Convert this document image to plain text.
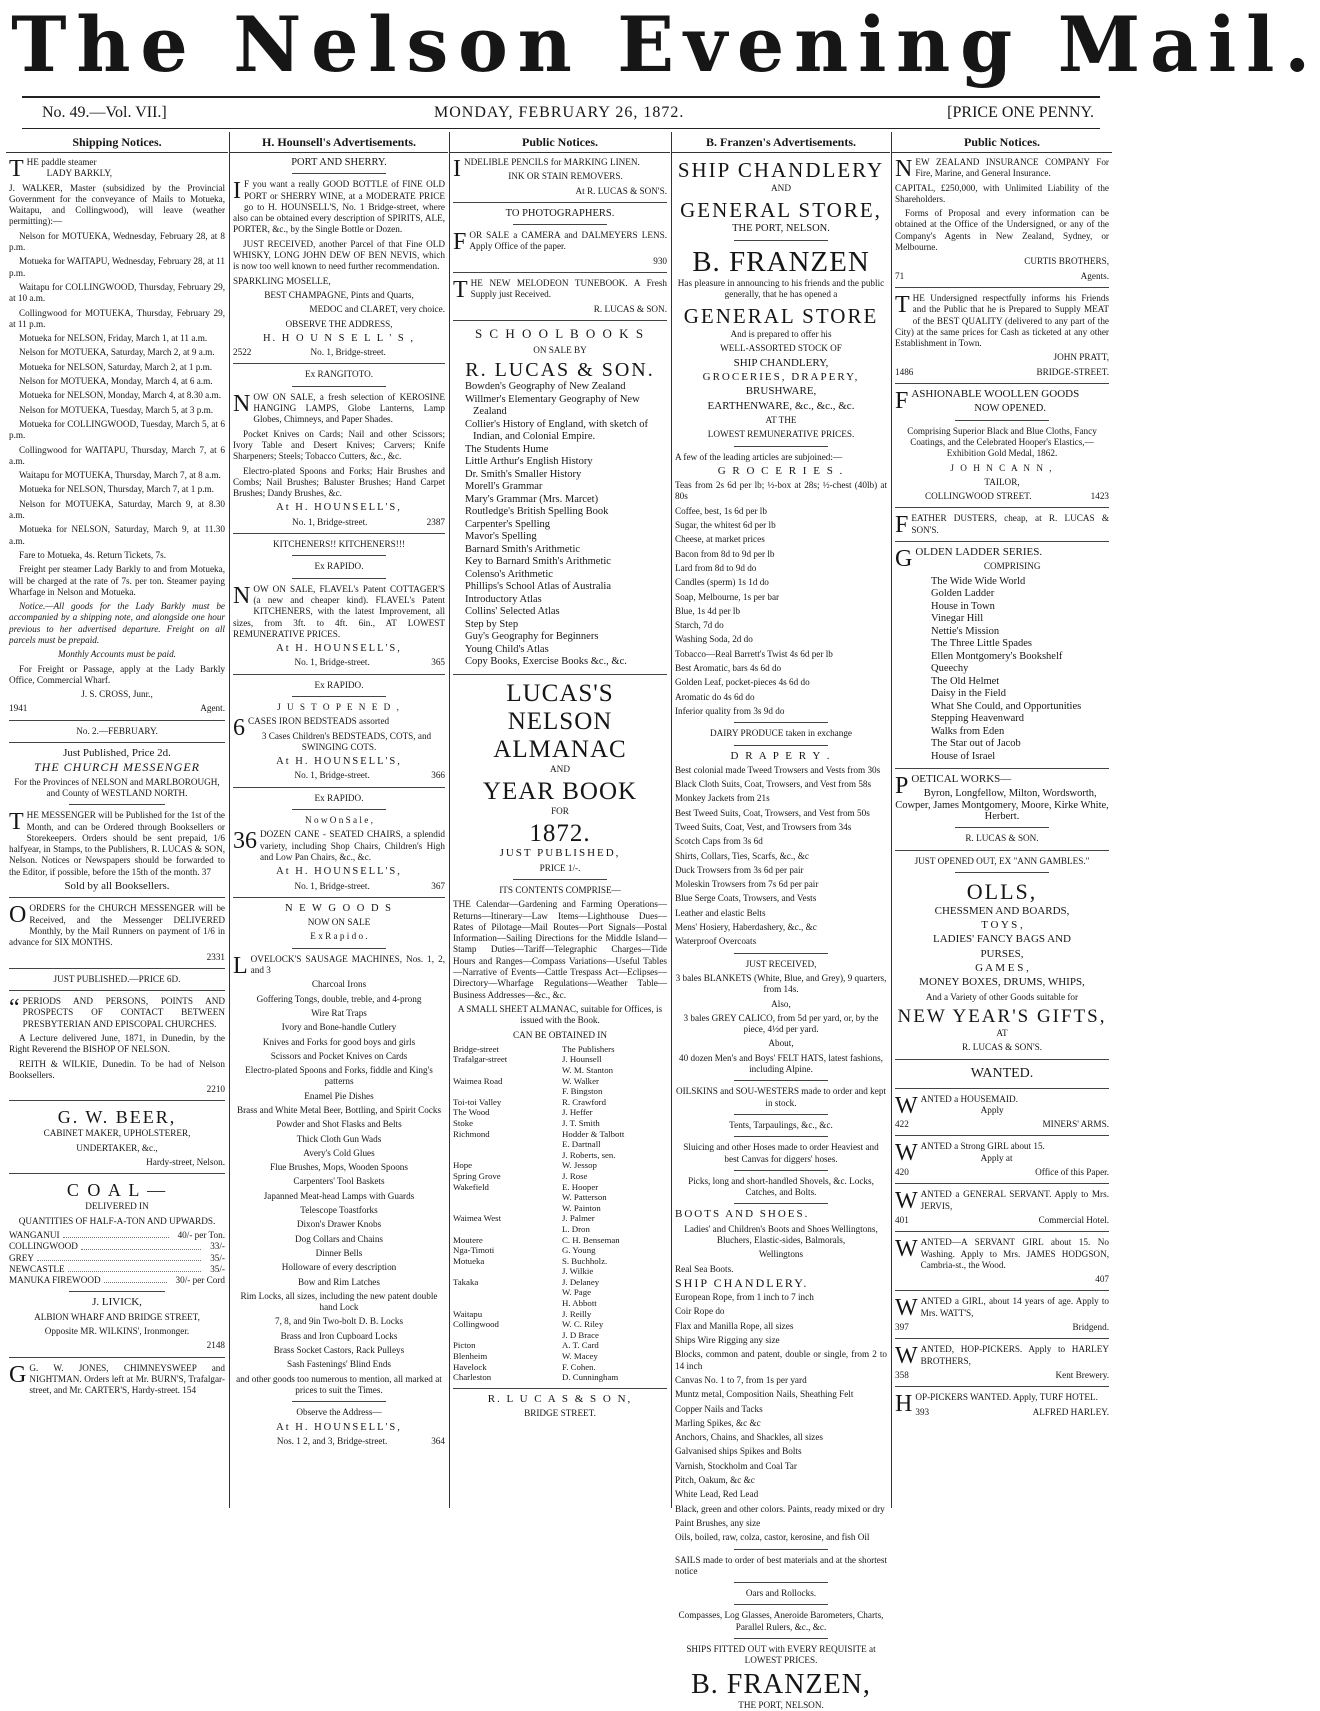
The Nelson Evening Mail.
No. 49.—Vol. VII.]	MONDAY, FEBRUARY 26, 1872.	[PRICE ONE PENNY.
Shipping Notices.
THE paddle steamer
LADY BARKLY,
J. WALKER, Master (subsidized by the Provincial Government for the conveyance of Mails to Motueka, Waitapu, and Collingwood), will leave (weather permitting):—
Nelson for MOTUEKA, Wednesday, February 28, at 8 p.m.
Motueka for WAITAPU, Wednesday, February 28, at 11 p.m.
Waitapu for COLLINGWOOD, Thursday, February 29, at 10 a.m.
Collingwood for MOTUEKA, Thursday, February 29, at 11 p.m.
Motueka for NELSON, Friday, March 1, at 11 a.m.
Nelson for MOTUEKA, Saturday, March 2, at 9 a.m.
Motueka for NELSON, Saturday, March 2, at 1 p.m.
Nelson for MOTUEKA, Monday, March 4, at 6 a.m.
Motueka for NELSON, Monday, March 4, at 8.30 a.m.
Nelson for MOTUEKA, Tuesday, March 5, at 3 p.m.
Motueka for COLLINGWOOD, Tuesday, March 5, at 6 p.m.
Collingwood for WAITAPU, Thursday, March 7, at 6 a.m.
Waitapu for MOTUEKA, Thursday, March 7, at 8 a.m.
Motueka for NELSON, Thursday, March 7, at 1 p.m.
Nelson for MOTUEKA, Saturday, March 9, at 8.30 a.m.
Motueka for NELSON, Saturday, March 9, at 11.30 a.m.
Fare to Motueka, 4s. Return Tickets, 7s.
Freight per steamer Lady Barkly to and from Motueka, will be charged at the rate of 7s. per ton. Steamer paying Wharfage in Nelson and Motueka.
Notice.—All goods for the Lady Barkly must be accompanied by a shipping note, and alongside one hour previous to her advertised departure. Freight on all parcels must be prepaid.
Monthly Accounts must be paid.
For Freight or Passage, apply at the Lady Barkly Office, Commercial Wharf.
J. S. CROSS, Junr.,
1941	Agent.
No. 2.—FEBRUARY.
Just Published, Price 2d.
THE CHURCH MESSENGER
For the Provinces of NELSON and MARLBOROUGH, and County of WESTLAND NORTH.
THE MESSENGER will be Published for the 1st of the Month, and can be Ordered through Booksellers or Storekeepers. Orders should be sent prepaid, 1/6 halfyear, in Stamps, to the Publishers, R. LUCAS & SON, Nelson. Notices or Newspapers should be forwarded to the Editor, if possible, before the 15th of the month. 37
Sold by all Booksellers.
OORDERS for the CHURCH MESSENGER will be Received, and the Messenger DELIVERED Monthly, by the Mail Runners on payment of 1/6 in advance for SIX MONTHS.
2331
JUST PUBLISHED.—PRICE 6D.
“ PERIODS AND PERSONS, POINTS AND PROSPECTS OF CONTACT BETWEEN PRESBYTERIAN AND EPISCOPAL CHURCHES.
A Lecture delivered June, 1871, in Dunedin, by the Right Reverend the BISHOP OF NELSON.
REITH & WILKIE, Dunedin. To be had of Nelson Booksellers.
2210
G. W. BEER,
CABINET MAKER, UPHOLSTERER,
UNDERTAKER, &c.,
Hardy-street, Nelson.
C O A L —
DELIVERED IN
QUANTITIES OF HALF-A-TON AND UPWARDS.
WANGANUI	40/- per Ton.
COLLINGWOOD	33/-
GREY	35/-
NEWCASTLE	35/-
MANUKA FIREWOOD	30/- per Cord
J. LIVICK,
ALBION WHARF AND BRIDGE STREET,
Opposite MR. WILKINS', Ironmonger.
2148
G G. W. JONES, CHIMNEYSWEEP and NIGHTMAN. Orders left at Mr. BURN'S, Trafalgar-street, and Mr. CARTER'S, Hardy-street. 154
H. Hounsell's Advertisements.
PORT AND SHERRY.
I F you want a really GOOD BOTTLE of FINE OLD PORT or SHERRY WINE, at a MODERATE PRICE go to H. HOUNSELL'S, No. 1 Bridge-street, where also can be obtained every description of SPIRITS, ALE, PORTER, &c., by the Single Bottle or Dozen.
JUST RECEIVED, another Parcel of that Fine OLD WHISKY, LONG JOHN DEW OF BEN NEVIS, which is now too well known to need further recommendation.
SPARKLING MOSELLE,
BEST CHAMPAGNE, Pints and Quarts,
MEDOC and CLARET, very choice.
OBSERVE THE ADDRESS,
H. H O U N S E L L ' S ,
2522	No. 1, Bridge-street.
Ex RANGITOTO.
NOW ON SALE, a fresh selection of KEROSINE HANGING LAMPS, Globe Lanterns, Lamp Globes, Chimneys, and Paper Shades.
Pocket Knives on Cards; Nail and other Scissors; Ivory Table and Desert Knives; Carvers; Knife Sharpeners; Steels; Tobacco Cutters, &c., &c.
Electro-plated Spoons and Forks; Hair Brushes and Combs; Nail Brushes; Baluster Brushes; Hand Carpet Brushes; Dandy Brushes, &c.
At H. HOUNSELL'S,
No. 1, Bridge-street.	2387
KITCHENERS!! KITCHENERS!!!
Ex RAPIDO.
NOW ON SALE, FLAVEL's Patent COTTAGER'S (a new and cheaper kind). FLAVEL's Patent KITCHENERS, with the latest Improvement, all sizes, from 3ft. to 4ft. 6in., AT LOWEST REMUNERATIVE PRICES.
At H. HOUNSELL'S,
No. 1, Bridge-street.	365
Ex RAPIDO.
J U S T O P E N E D ,
6 CASES IRON BEDSTEADS assorted
3 Cases Children's BEDSTEADS, COTS, and SWINGING COTS.
At H. HOUNSELL'S,
No. 1, Bridge-street.	366
Ex RAPIDO.
N o w O n S a l e ,
36 DOZEN CANE - SEATED CHAIRS, a splendid variety, including Shop Chairs, Children's High and Low Pan Chairs, &c., &c.
At H. HOUNSELL'S,
No. 1, Bridge-street.	367
N E W G O O D S
NOW ON SALE
E x R a p i d o .
LOVELOCK'S SAUSAGE MACHINES, Nos. 1, 2, and 3
Charcoal Irons
Goffering Tongs, double, treble, and 4-prong
Wire Rat Traps
Ivory and Bone-handle Cutlery
Knives and Forks for good boys and girls
Scissors and Pocket Knives on Cards
Electro-plated Spoons and Forks, fiddle and King's patterns
Enamel Pie Dishes
Brass and White Metal Beer, Bottling, and Spirit Cocks
Powder and Shot Flasks and Belts
Thick Cloth Gun Wads
Avery's Cold Glues
Flue Brushes, Mops, Wooden Spoons
Carpenters' Tool Baskets
Japanned Meat-head Lamps with Guards
Telescope Toastforks
Dixon's Drawer Knobs
Dog Collars and Chains
Dinner Bells
Holloware of every description
Bow and Rim Latches
Rim Locks, all sizes, including the new patent double hand Lock
7, 8, and 9in Two-bolt D. B. Locks
Brass and Iron Cupboard Locks
Brass Socket Castors, Rack Pulleys
Sash Fastenings' Blind Ends
and other goods too numerous to mention, all marked at prices to suit the Times.
Observe the Address—
At H. HOUNSELL'S,
Nos. 1 2, and 3, Bridge-street.	364
Public Notices.
INDELIBLE PENCILS for MARKING LINEN.
INK OR STAIN REMOVERS.
At R. LUCAS & SON'S.
TO PHOTOGRAPHERS.
FOR SALE a CAMERA and DALMEYERS LENS. Apply Office of the paper.
930
THE NEW MELODEON TUNEBOOK. A Fresh Supply just Received.
R. LUCAS & SON.
S C H O O L B O O K S
ON SALE BY
R. LUCAS & SON.
Bowden's Geography of New Zealand
Willmer's Elementary Geography of New Zealand
Collier's History of England, with sketch of Indian, and Colonial Empire.
The Students Hume
Little Arthur's English History
Dr. Smith's Smaller History
Morell's Grammar
Mary's Grammar (Mrs. Marcet)
Routledge's British Spelling Book
Carpenter's Spelling
Mavor's Spelling
Barnard Smith's Arithmetic
Key to Barnard Smith's Arithmetic
Colenso's Arithmetic
Phillips's School Atlas of Australia
Introductory Atlas
Collins' Selected Atlas
Step by Step
Guy's Geography for Beginners
Young Child's Atlas
Copy Books, Exercise Books &c., &c.
LUCAS'S
NELSON ALMANAC
AND
YEAR BOOK
FOR
1872.
JUST PUBLISHED,
PRICE 1/-.
ITS CONTENTS COMPRISE—
THE Calendar—Gardening and Farming Operations—Returns—Itinerary—Law Items—Lighthouse Dues—Rates of Pilotage—Mail Routes—Port Signals—Postal Information—Sailing Directions for the Middle Island—Stamp Duties—Tariff—Telegraphic Charges—Tide Hours and Ranges—Compass Variations—Useful Tables—Narrative of Events—Cattle Trespass Act—Eclipses—Directory—Wharfage Regulations—Weather Table—Business Addresses—&c., &c.
A SMALL SHEET ALMANAC, suitable for Offices, is issued with the Book.
CAN BE OBTAINED IN
Bridge-street	The Publishers
Trafalgar-street	J. Hounsell
W. M. Stanton
Waimea Road	W. Walker
F. Bingston
Toi-toi Valley	R. Crawford
The Wood	J. Heffer
Stoke	J. T. Smith
Richmond	Hodder & Talbott
E. Dartnall
J. Roberts, sen.
Hope	W. Jessop
Spring Grove	J. Rose
Wakefield	E. Hooper
W. Patterson
W. Painton
Waimea West	J. Palmer
L. Dron
Moutere	C. H. Benseman
Nga-Timoti	G. Young
Motueka	S. Buchholz.
J. Wilkie
Takaka	J. Delaney
W. Page
H. Abbott
Waitapu	J. Reilly
Collingwood	W. C. Riley
J. D Brace
Picton	A. T. Card
Blenheim	W. Macey
Havelock	F. Cohen.
Charleston	D. Cunningham
R. L U C A S & S O N,
BRIDGE STREET.
B. Franzen's Advertisements.
SHIP CHANDLERY
AND
GENERAL STORE,
THE PORT, NELSON.
B. FRANZEN
Has pleasure in announcing to his friends and the public generally, that he has opened a
GENERAL STORE
And is prepared to offer his
WELL-ASSORTED STOCK OF
SHIP CHANDLERY,
GROCERIES, DRAPERY,
BRUSHWARE,
EARTHENWARE, &c., &c., &c.
AT THE
LOWEST REMUNERATIVE PRICES.
A few of the leading articles are subjoined:—
G R O C E R I E S .
Teas from 2s 6d per lb; ½-box at 28s; ½-chest (40lb) at 80s
Coffee, best, 1s 6d per lb
Sugar, the whitest 6d per lb
Cheese, at market prices
Bacon from 8d to 9d per lb
Lard from 8d to 9d do
Candles (sperm) 1s 1d do
Soap, Melbourne, 1s per bar
Blue, 1s 4d per lb
Starch, 7d do
Washing Soda, 2d do
Tobacco—Real Barrett's Twist 4s 6d per lb
Best Aromatic, bars 4s 6d do
Golden Leaf, pocket-pieces 4s 6d do
Aromatic do 4s 6d do
Inferior quality from 3s 9d do
DAIRY PRODUCE taken in exchange
D R A P E R Y .
Best colonial made Tweed Trowsers and Vests from 30s
Black Cloth Suits, Coat, Trowsers, and Vest from 58s
Monkey Jackets from 21s
Best Tweed Suits, Coat, Trowsers, and Vest from 50s
Tweed Suits, Coat, Vest, and Trowsers from 34s
Scotch Caps from 3s 6d
Shirts, Collars, Ties, Scarfs, &c., &c
Duck Trowsers from 3s 6d per pair
Moleskin Trowsers from 7s 6d per pair
Blue Serge Coats, Trowsers, and Vests
Leather and elastic Belts
Mens' Hosiery, Haberdashery, &c., &c
Waterproof Overcoats
JUST RECEIVED,
3 bales BLANKETS (White, Blue, and Grey), 9 quarters, from 14s.
Also,
3 bales GREY CALICO, from 5d per yard, or, by the piece, 4½d per yard.
About,
40 dozen Men's and Boys' FELT HATS, latest fashions, including Alpine.
OILSKINS and SOU-WESTERS made to order and kept in stock.
Tents, Tarpaulings, &c., &c.
Sluicing and other Hoses made to order Heaviest and best Canvas for diggers' hoses.
Picks, long and short-handled Shovels, &c. Locks, Catches, and Bolts.
BOOTS AND SHOES.
Ladies' and Children's Boots and Shoes Wellingtons, Bluchers, Elastic-sides, Balmorals,
Wellingtons
Real Sea Boots.
SHIP CHANDLERY.
European Rope, from 1 inch to 7 inch
Coir Rope do
Flax and Manilla Rope, all sizes
Ships Wire Rigging any size
Blocks, common and patent, double or single, from 2 to 14 inch
Canvas No. 1 to 7, from 1s per yard
Muntz metal, Composition Nails, Sheathing Felt
Copper Nails and Tacks
Marling Spikes, &c &c
Anchors, Chains, and Shackles, all sizes
Galvanised ships Spikes and Bolts
Varnish, Stockholm and Coal Tar
Pitch, Oakum, &c &c
White Lead, Red Lead
Black, green and other colors. Paints, ready mixed or dry
Paint Brushes, any size
Oils, boiled, raw, colza, castor, kerosine, and fish Oil
SAILS made to order of best materials and at the shortest notice
Oars and Rollocks.
Compasses, Log Glasses, Aneroide Barometers, Charts, Parallel Rulers, &c., &c.
SHIPS FITTED OUT with EVERY REQUISITE at LOWEST PRICES.
B. FRANZEN,
THE PORT, NELSON.
Public Notices.
NEW ZEALAND INSURANCE COMPANY For Fire, Marine, and General Insurance.
CAPITAL, £250,000, with Unlimited Liability of the Shareholders.
Forms of Proposal and every information can be obtained at the Office of the Undersigned, or any of the Company's Agents in New Zealand, Sydney, or Melbourne.
CURTIS BROTHERS,
71	Agents.
THE Undersigned respectfully informs his Friends and the Public that he is Prepared to Supply MEAT of the BEST QUALITY (delivered to any part of the City) at the same prices for Cash as ticketed at any other Establishment in Town.
JOHN PRATT,
1486	BRIDGE-STREET.
FASHIONABLE WOOLLEN GOODS
NOW OPENED.
Comprising Superior Black and Blue Cloths, Fancy Coatings, and the Celebrated Hooper's Elastics,—Exhibition Gold Medal, 1862.
J O H N C A N N ,
TAILOR,
COLLINGWOOD STREET.	1423
FEATHER DUSTERS, cheap, at R. LUCAS & SON'S.
GOLDEN LADDER SERIES.
COMPRISING
The Wide Wide World
Golden Ladder
House in Town
Vinegar Hill
Nettie's Mission
The Three Little Spades
Ellen Montgomery's Bookshelf
Queechy
The Old Helmet
Daisy in the Field
What She Could, and Opportunities
Stepping Heavenward
Walks from Eden
The Star out of Jacob
House of Israel
POETICAL WORKS—
Byron, Longfellow, Milton, Wordsworth, Cowper, James Montgomery, Moore, Kirke White, Herbert.
R. LUCAS & SON.
JUST OPENED OUT, EX "ANN GAMBLES."
OLLS,
CHESSMEN AND BOARDS,
T O Y S ,
LADIES' FANCY BAGS AND
PURSES,
G A M E S ,
MONEY BOXES, DRUMS, WHIPS,
And a Variety of other Goods suitable for
NEW YEAR'S GIFTS,
AT
R. LUCAS & SON'S.
WANTED.
WANTED a HOUSEMAID.
Apply
422	MINERS' ARMS.
WANTED a Strong GIRL about 15.
Apply at
420	Office of this Paper.
WANTED a GENERAL SERVANT. Apply to Mrs. JERVIS,
401	Commercial Hotel.
WANTED—A SERVANT GIRL about 15. No Washing. Apply to Mrs. JAMES HODGSON, Cambria-st., the Wood.
407
WANTED a GIRL, about 14 years of age. Apply to Mrs. WATT'S,
397	Bridgend.
WANTED, HOP-PICKERS. Apply to HARLEY BROTHERS,
358	Kent Brewery.
HOP-PICKERS WANTED. Apply, TURF HOTEL.
393	ALFRED HARLEY.
